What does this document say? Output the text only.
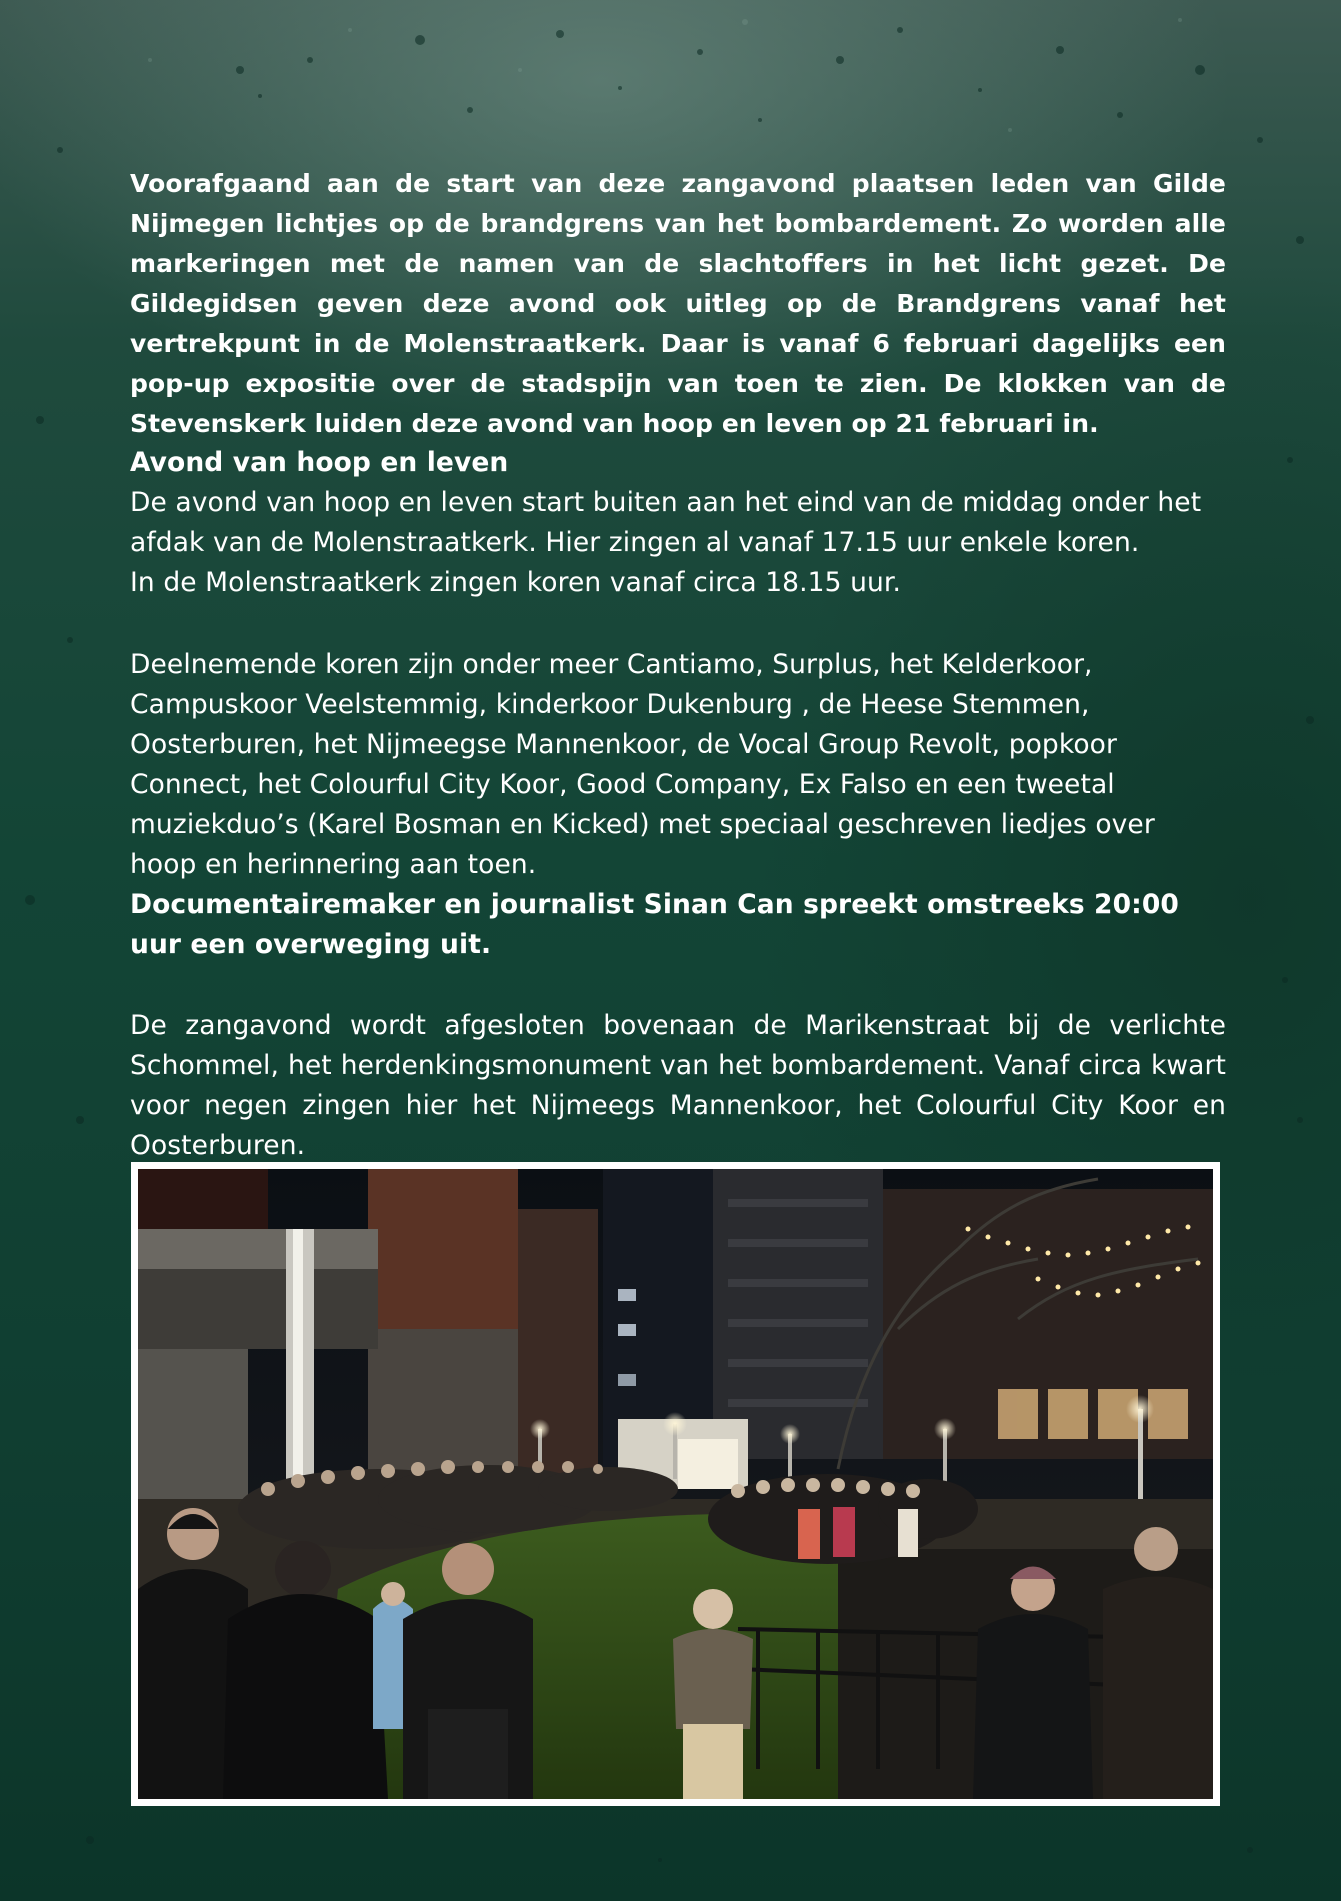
Voorafgaand aan de start van deze zangavond plaatsen leden van Gilde Nijmegen lichtjes op de brandgrens van het bombardement. Zo worden alle markeringen met de namen van de slachtoffers in het licht gezet. De Gildegidsen geven deze avond ook uitleg op de Brandgrens vanaf het vertrekpunt in de Molenstraatkerk. Daar is vanaf 6 februari dagelijks een pop-up expositie over de stadspijn van toen te zien. De klokken van de Stevenskerk luiden deze avond van hoop en leven op 21 februari in.

Avond van hoop en leven

De avond van hoop en leven start buiten aan het eind van de middag onder het afdak van de Molenstraatkerk. Hier zingen al vanaf 17.15 uur enkele koren.

In de Molenstraatkerk zingen koren vanaf circa 18.15 uur.

Deelnemende koren zijn onder meer Cantiamo, Surplus, het Kelderkoor, Campuskoor Veelstemmig, kinderkoor Dukenburg , de Heese Stemmen, Oosterburen, het Nijmeegse Mannenkoor, de Vocal Group Revolt, popkoor Connect, het Colourful City Koor, Good Company, Ex Falso en een tweetal muziekduo’s (Karel Bosman en Kicked) met speciaal geschreven liedjes over hoop en herinnering aan toen.

Documentairemaker en journalist Sinan Can spreekt omstreeks 20:00 uur een overweging uit.

De zangavond wordt afgesloten bovenaan de Marikenstraat bij de verlichte Schommel, het herdenkingsmonument van het bombardement. Vanaf circa kwart voor negen zingen hier het Nijmeegs Mannenkoor, het Colourful City Koor en Oosterburen.
